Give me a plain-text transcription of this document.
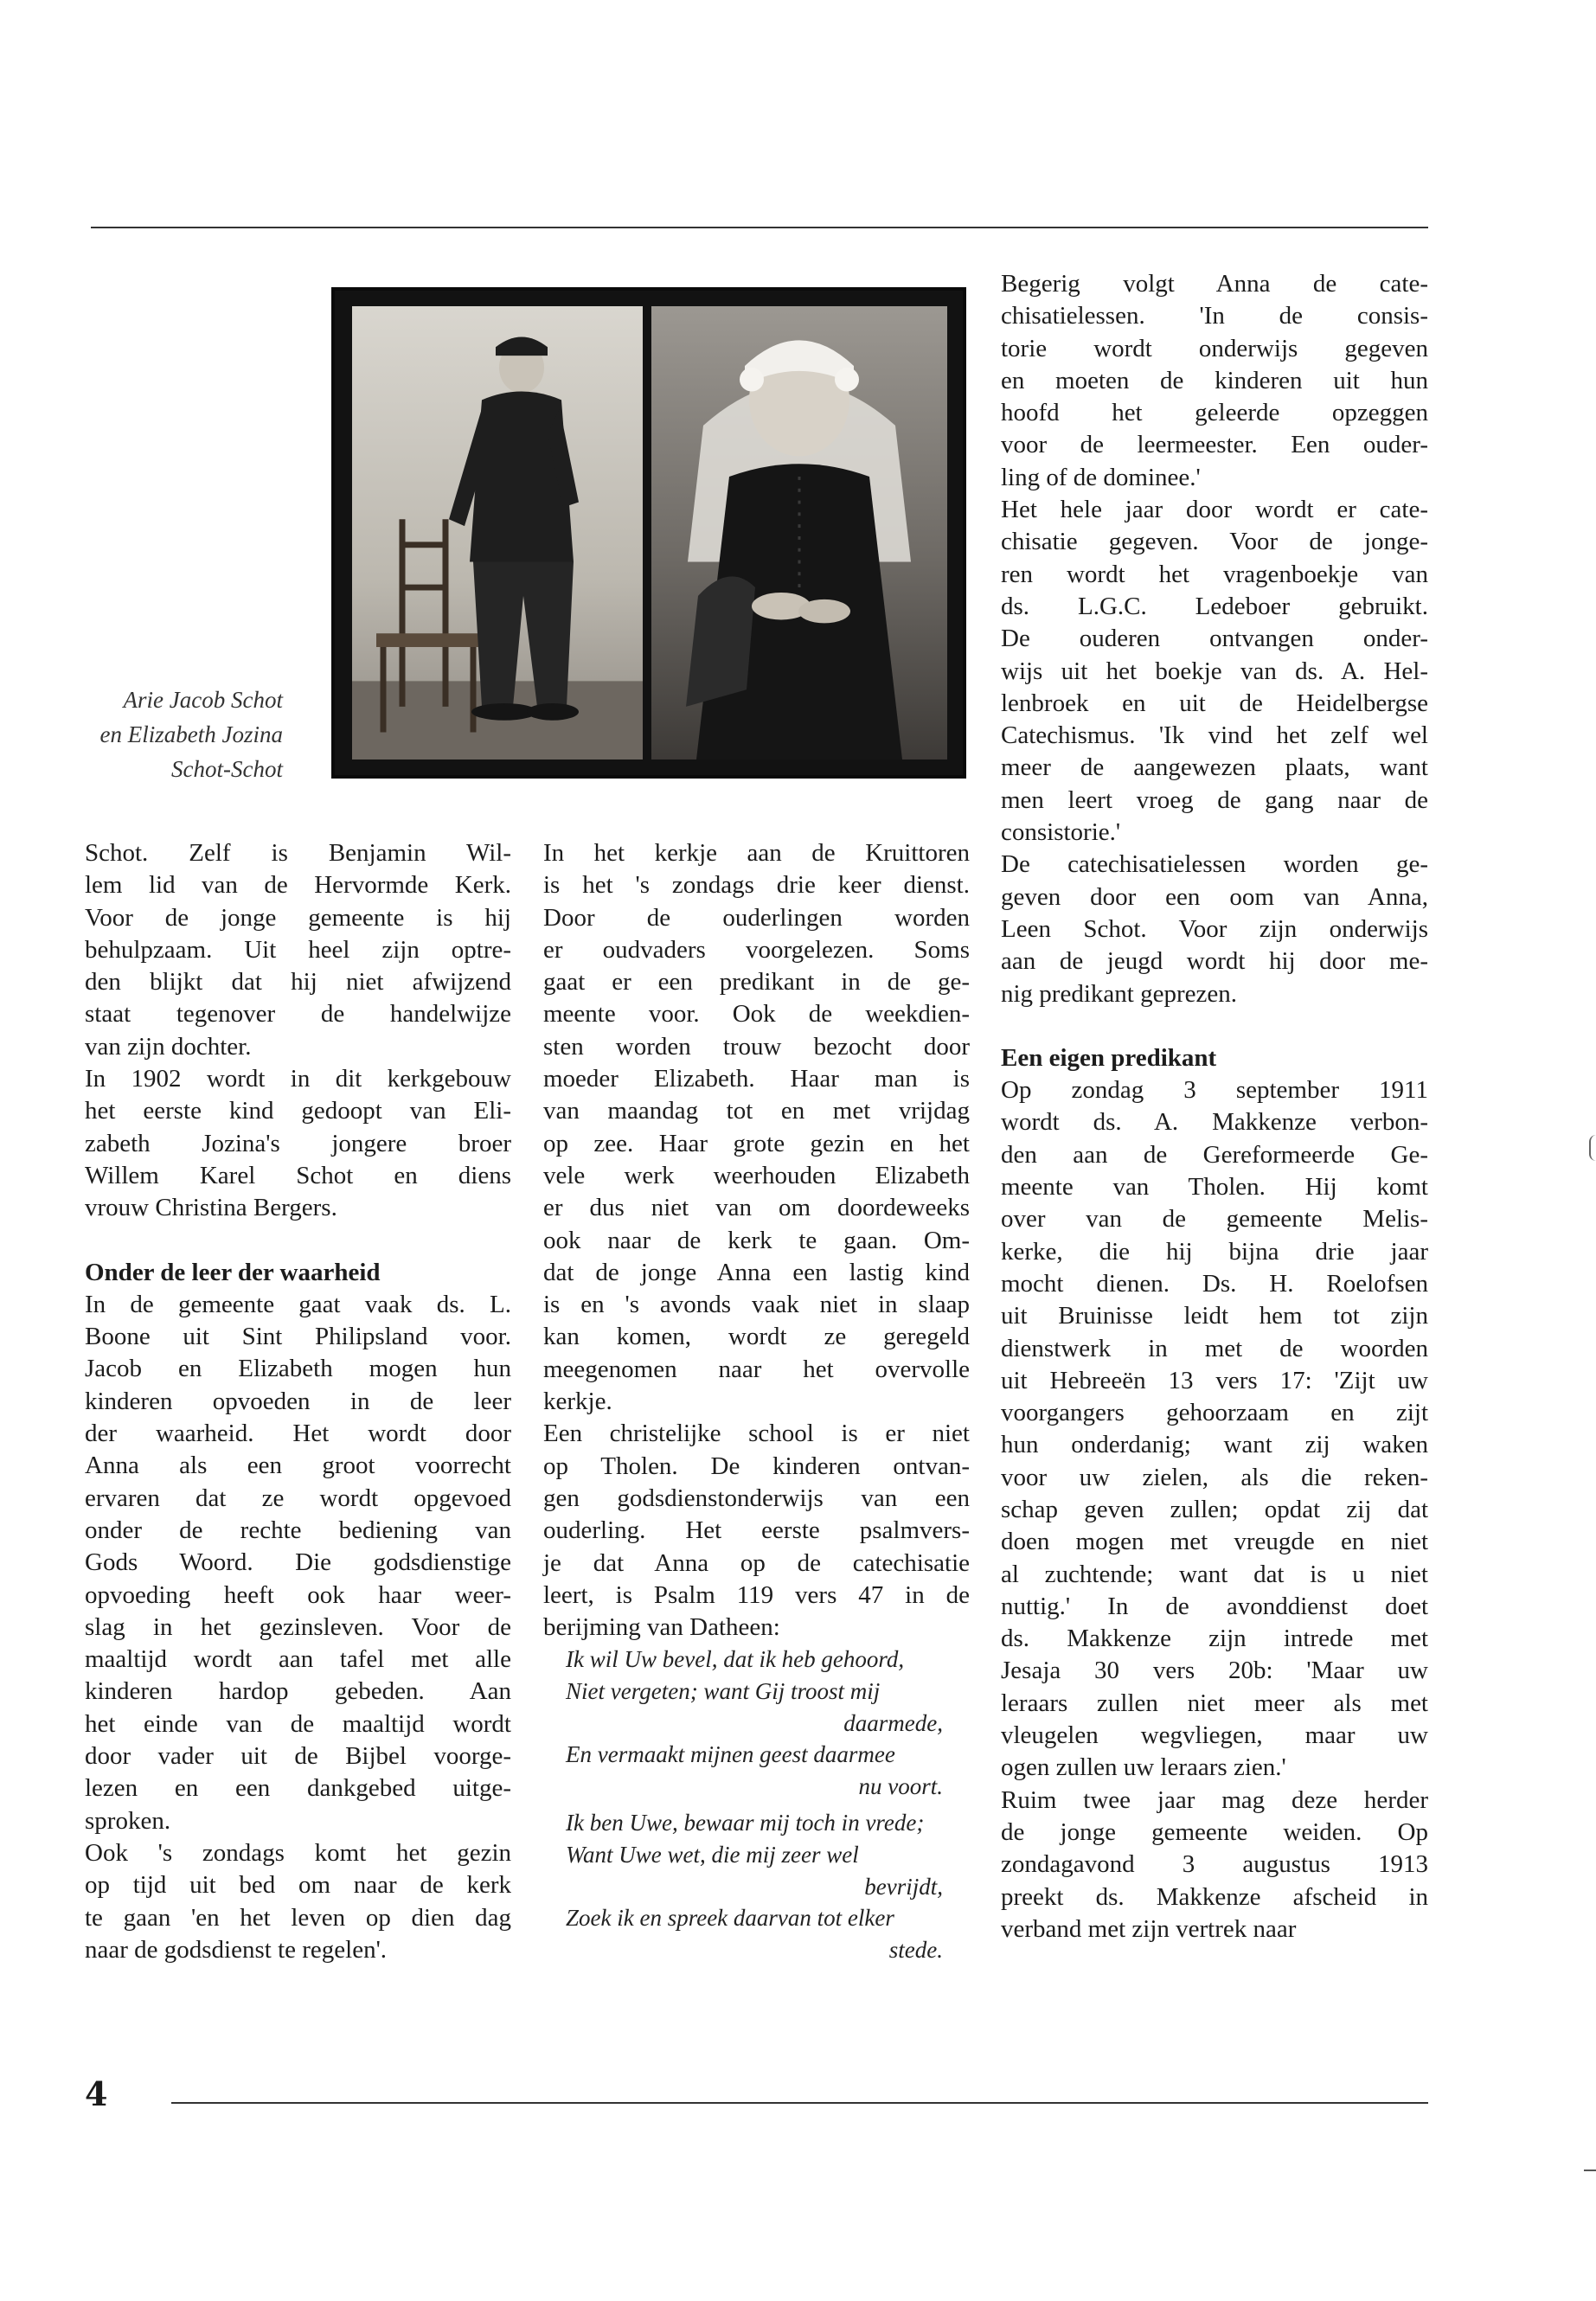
Arie Jacob Schot
en Elizabeth Jozina
Schot-Schot

Schot. Zelf is Benjamin Wil-
lem lid van de Hervormde Kerk.
Voor de jonge gemeente is hij
behulpzaam. Uit heel zijn optre-
den blijkt dat hij niet afwijzend
staat tegenover de handelwijze
van zijn dochter.

In 1902 wordt in dit kerkgebouw
het eerste kind gedoopt van Eli-
zabeth Jozina's jongere broer
Willem Karel Schot en diens
vrouw Christina Bergers.

Onder de leer der waarheid

In de gemeente gaat vaak ds. L.
Boone uit Sint Philipsland voor.
Jacob en Elizabeth mogen hun
kinderen opvoeden in de leer
der waarheid. Het wordt door
Anna als een groot voorrecht
ervaren dat ze wordt opgevoed
onder de rechte bediening van
Gods Woord. Die godsdienstige
opvoeding heeft ook haar weer-
slag in het gezinsleven. Voor de
maaltijd wordt aan tafel met alle
kinderen hardop gebeden. Aan
het einde van de maaltijd wordt
door vader uit de Bijbel voorge-
lezen en een dankgebed uitge-
sproken.

Ook 's zondags komt het gezin
op tijd uit bed om naar de kerk
te gaan 'en het leven op dien dag
naar de godsdienst te regelen'.

In het kerkje aan de Kruittoren
is het 's zondags drie keer dienst.
Door de ouderlingen worden
er oudvaders voorgelezen. Soms
gaat er een predikant in de ge-
meente voor. Ook de weekdien-
sten worden trouw bezocht door
moeder Elizabeth. Haar man is
van maandag tot en met vrijdag
op zee. Haar grote gezin en het
vele werk weerhouden Elizabeth
er dus niet van om doordeweeks
ook naar de kerk te gaan. Om-
dat de jonge Anna een lastig kind
is en 's avonds vaak niet in slaap
kan komen, wordt ze geregeld
meegenomen naar het overvolle
kerkje.

Een christelijke school is er niet
op Tholen. De kinderen ontvan-
gen godsdienstonderwijs van een
ouderling. Het eerste psalmvers-
je dat Anna op de catechisatie
leert, is Psalm 119 vers 47 in de
berijming van Datheen:

Ik wil Uw bevel, dat ik heb gehoord,
Niet vergeten; want Gij troost mij
daarmede,
En vermaakt mijnen geest daarmee
nu voort.
Ik ben Uwe, bewaar mij toch in vrede;
Want Uwe wet, die mij zeer wel
bevrijdt,
Zoek ik en spreek daarvan tot elker
stede.

Begerig volgt Anna de cate-
chisatielessen. 'In de consis-
torie wordt onderwijs gegeven
en moeten de kinderen uit hun
hoofd het geleerde opzeggen
voor de leermeester. Een ouder-
ling of de dominee.'

Het hele jaar door wordt er cate-
chisatie gegeven. Voor de jonge-
ren wordt het vragenboekje van
ds. L.G.C. Ledeboer gebruikt.
De ouderen ontvangen onder-
wijs uit het boekje van ds. A. Hel-
lenbroek en uit de Heidelbergse
Catechismus. 'Ik vind het zelf wel
meer de aangewezen plaats, want
men leert vroeg de gang naar de
consistorie.'

De catechisatielessen worden ge-
geven door een oom van Anna,
Leen Schot. Voor zijn onderwijs
aan de jeugd wordt hij door me-
nig predikant geprezen.

Een eigen predikant

Op zondag 3 september 1911
wordt ds. A. Makkenze verbon-
den aan de Gereformeerde Ge-
meente van Tholen. Hij komt
over van de gemeente Melis-
kerke, die hij bijna drie jaar
mocht dienen. Ds. H. Roelofsen
uit Bruinisse leidt hem tot zijn
dienstwerk in met de woorden
uit Hebreeën 13 vers 17: 'Zijt uw
voorgangers gehoorzaam en zijt
hun onderdanig; want zij waken
voor uw zielen, als die reken-
schap geven zullen; opdat zij dat
doen mogen met vreugde en niet
al zuchtende; want dat is u niet
nuttig.' In de avonddienst doet
ds. Makkenze zijn intrede met
Jesaja 30 vers 20b: 'Maar uw
leraars zullen niet meer als met
vleugelen wegvliegen, maar uw
ogen zullen uw leraars zien.'

Ruim twee jaar mag deze herder
de jonge gemeente weiden. Op
zondagavond 3 augustus 1913
preekt ds. Makkenze afscheid in
verband met zijn vertrek naar

4
